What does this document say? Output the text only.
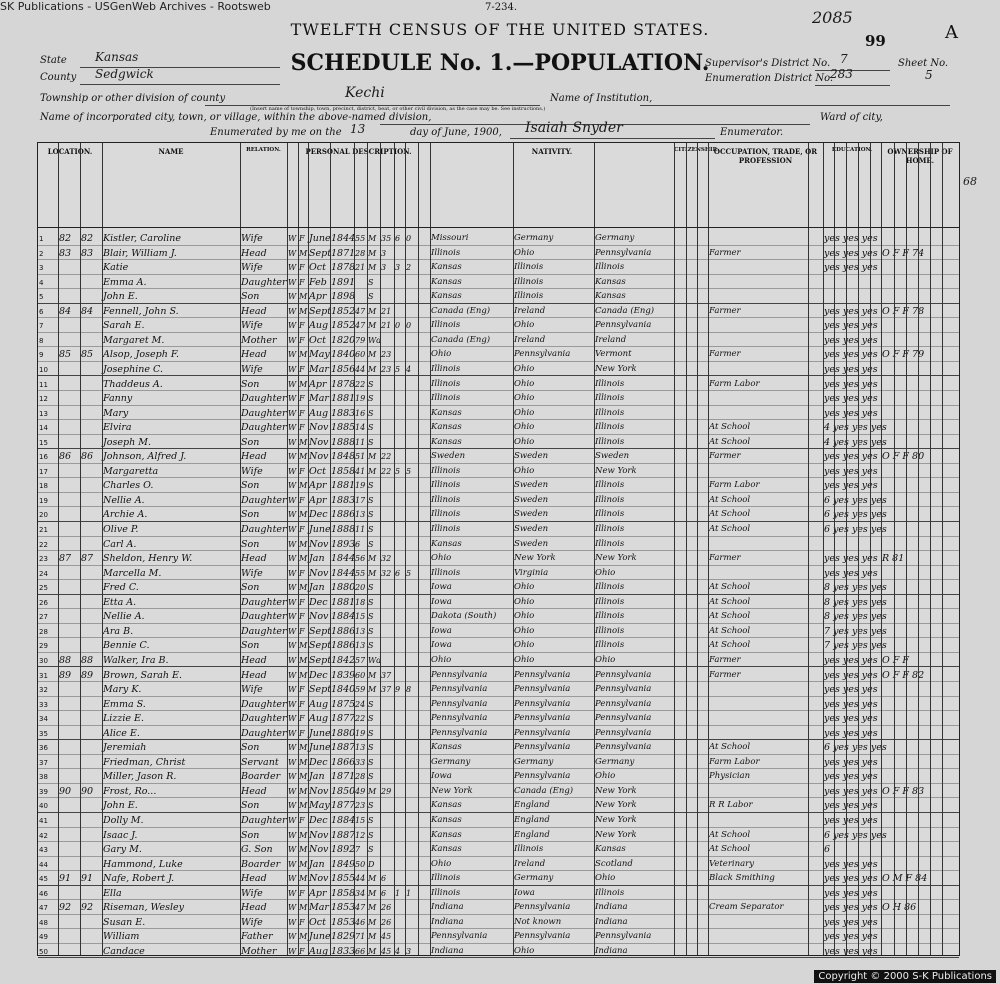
SK Publications - USGenWeb Archives - Rootsweb	7-234.
2085
99	A
TWELFTH CENSUS OF THE UNITED STATES.
SCHEDULE No. 1.—POPULATION.
State Kansas
County Sedgwick
Township or other division of county	Kechi
(Insert name of township, town, precinct, district, beat, or other civil division, as the case may be. See instructions.)
Name of Institution,
Name of incorporated city, town, or village, within the above-named division,	Ward of city,
Enumerated by me on the 13	day of June, 1900, Isaiah Snyder	Enumerator.
Supervisor's District No. 7
Enumeration District No.
283
Sheet No.
5
68
LOCATION.	NAME	RELATION.	PERSONAL DESCRIPTION.	NATIVITY.	CITIZENSHIP.
OCCUPATION, TRADE, OR PROFESSION
EDUCATION.	OWNERSHIP OF HOME.
1 82	82	Kistler, Caroline	Wife	W F June 1844 55 M 35 6 0	Missouri	Germany	Germany	yes yes yes
2 83	83	Blair, William J.	Head	W M Sept 1871 28 M 3	Illinois	Ohio	Pennsylvania	Farmer	yes yes yes O F F 74
3	Katie	Wife	W F Oct 1878 21 M 3	3 2	Kansas	Illinois	Illinois	yes yes yes
4	Emma A.	Daughter W F Feb 1891 S	Kansas	Illinois	Kansas
5	John E.	Son	W M Apr 1898 S	Kansas	Illinois	Kansas
6 84	84	Fennell, John S.	Head	W M Sept 1852 47 M 21	Canada (Eng)	Ireland	Canada (Eng)	Farmer	yes yes yes O F F 78
7	Sarah E.	Wife	W F Aug 1852 47 M 21 0 0	Illinois	Ohio	Pennsylvania	yes yes yes
8	Margaret M.	Mother	W F Oct 1820 79 Wd	Canada (Eng)	Ireland	Ireland	yes yes yes
9 85	85	Alsop, Joseph F.	Head	W M May 1840 60 M 23	Ohio	Pennsylvania	Vermont	Farmer	yes yes yes O F F 79
10	Josephine C.	Wife	W F Mar 1856 44 M 23 5 4	Illinois	Ohio	New York	yes yes yes
11	Thaddeus A.	Son	W M Apr 1878 22 S	Illinois	Ohio	Illinois	Farm Labor	yes yes yes
12	Fanny	Daughter W F Mar 1881 19 S	Illinois	Ohio	Illinois	yes yes yes
13	Mary	Daughter W F Aug 1883 16 S	Kansas	Ohio	Illinois	yes yes yes
14	Elvira	Daughter W F Nov 1885 14 S	Kansas	Ohio	Illinois	At School	4 yes yes yes
15	Joseph M.	Son	W M Nov 1888 11 S	Kansas	Ohio	Illinois	At School	4 yes yes yes
16 86	86	Johnson, Alfred J.	Head	W M Nov 1848 51 M 22	Sweden	Sweden	Sweden	Farmer	yes yes yes O F F 80
17	Margaretta	Wife	W F Oct 1858 41 M 22 5 5	Illinois	Ohio	New York	yes yes yes
18	Charles O.	Son	W M Apr 1881 19 S	Illinois	Sweden	Illinois	Farm Labor	yes yes yes
19	Nellie A.	Daughter W F Apr 1883 17 S	Illinois	Sweden	Illinois	At School	6 yes yes yes
20	Archie A.	Son	W M Dec 1886 13 S	Illinois	Sweden	Illinois	At School	6 yes yes yes
21	Olive P.	Daughter W F June 1888 11 S	Illinois	Sweden	Illinois	At School	6 yes yes yes
22	Carl A.	Son	W M Nov 1893 6 S	Kansas	Sweden	Illinois
23 87	87	Sheldon, Henry W.	Head	W M Jan 1844 56 M 32	Ohio	New York	New York	Farmer	yes yes yes R 81
24	Marcella M.	Wife	W F Nov 1844 55 M 32 6 5	Illinois	Virginia	Ohio	yes yes yes
25	Fred C.	Son	W M Jan 1880 20 S	Iowa	Ohio	Illinois	At School	8 yes yes yes
26	Etta A.	Daughter W F Dec 1881 18 S	Iowa	Ohio	Illinois	At School	8 yes yes yes
27	Nellie A.	Daughter W F Nov 1884 15 S	Dakota (South)	Ohio	Illinois	At School	8 yes yes yes
28	Ara B.	Daughter W F Sept 1886 13 S	Iowa	Ohio	Illinois	At School	7 yes yes yes
29	Bennie C.	Son	W M Sept 1886 13 S	Iowa	Ohio	Illinois	At School	7 yes yes yes
30 88	88	Walker, Ira B.	Head	W M Sept 1842 57 Wd	Ohio	Ohio	Ohio	Farmer	yes yes yes O F F
31 89	89	Brown, Sarah E.	Head	W M Dec 1839 60 M 37	Pennsylvania	Pennsylvania	Pennsylvania	Farmer	yes yes yes O F F 82
32	Mary K.	Wife	W F Sept 1840 59 M 37 9 8	Pennsylvania	Pennsylvania	Pennsylvania	yes yes yes
33	Emma S.	Daughter W F Aug 1875 24 S	Pennsylvania	Pennsylvania	Pennsylvania	yes yes yes
34	Lizzie E.	Daughter W F Aug 1877 22 S	Pennsylvania	Pennsylvania	Pennsylvania	yes yes yes
35	Alice E.	Daughter W F June 1880 19 S	Pennsylvania	Pennsylvania	Pennsylvania	yes yes yes
36	Jeremiah	Son	W M June 1887 13 S	Kansas	Pennsylvania	Pennsylvania	At School	6 yes yes yes
37	Friedman, Christ	Servant	W M Dec 1866 33 S	Germany	Germany	Germany	Farm Labor	yes yes yes
38	Miller, Jason R.	Boarder W M Jan 1871 28 S	Iowa	Pennsylvania	Ohio	Physician	yes yes yes
39 90	90	Frost, Ro...	Head	W M Nov 1850 49 M 29	New York	Canada (Eng)	New York	yes yes yes O F F 83
40	John E.	Son	W M May 1877 23 S	Kansas	England	New York	R R Labor	yes yes yes
41	Dolly M.	Daughter W F Dec 1884 15 S	Kansas	England	New York	yes yes yes
42	Isaac J.	Son	W M Nov 1887 12 S	Kansas	England	New York	At School	6 yes yes yes
43	Gary M.	G. Son	W M Nov 1892 7 S	Kansas	Illinois	Kansas	At School	6
44	Hammond, Luke	Boarder W M Jan 1849 50 D	Ohio	Ireland	Scotland	Veterinary	yes yes yes
45 91	91	Nafe, Robert J.	Head	W M Nov 1855 44 M 6	Illinois	Germany	Ohio	Black Smithing	yes yes yes O M F 84
46	Ella	Wife	W F Apr 1858 34 M 6	1 1	Illinois	Iowa	Illinois	yes yes yes
47 92	92	Riseman, Wesley	Head	W M Mar 1853 47 M 26	Indiana	Pennsylvania	Indiana	Cream Separator	yes yes yes O H 86
48	Susan E.	Wife	W F Oct 1853 46 M 26	Indiana	Not known	Indiana	yes yes yes
49	William	Father	W M June 1829 71 M 45	Pennsylvania	Pennsylvania	Pennsylvania	yes yes yes
50	Candace	Mother	W F Aug 1833 66 M 45 4 3	Indiana	Ohio	Indiana	yes yes yes
Copyright © 2000 S-K Publications
